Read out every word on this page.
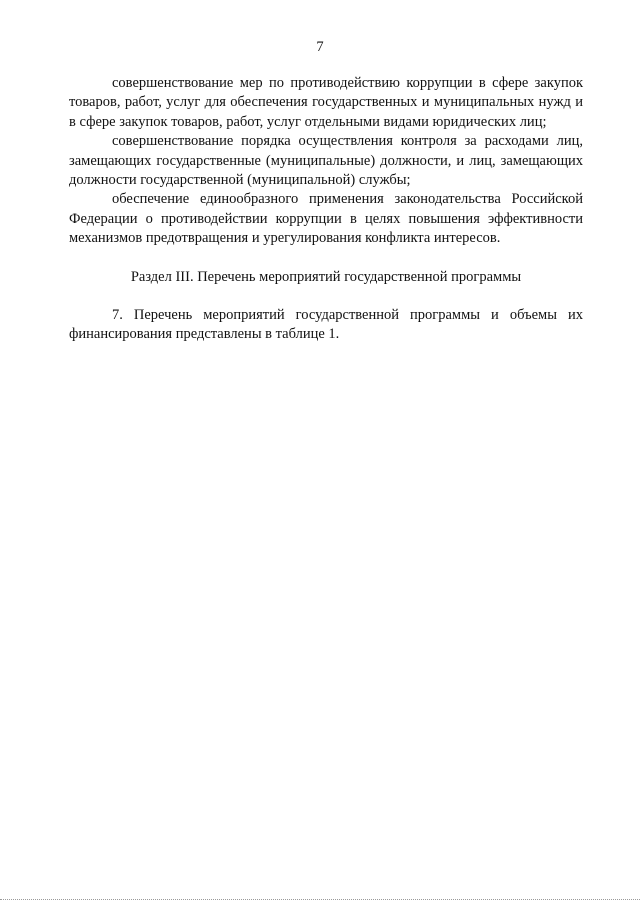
7

совершенствование мер по противодействию коррупции в сфере закупок товаров, работ, услуг для обеспечения государственных и муниципальных нужд и в сфере закупок товаров, работ, услуг отдельными видами юридических лиц;

совершенствование порядка осуществления контроля за расходами лиц, замещающих государственные (муниципальные) должности, и лиц, замещающих должности государственной (муниципальной) службы;

обеспечение единообразного применения законодательства Российской Федерации о противодействии коррупции в целях повышения эффективности механизмов предотвращения и урегулирования конфликта интересов.

Раздел III. Перечень мероприятий государственной программы

7. Перечень мероприятий государственной программы и объемы их финансирования представлены в таблице 1.
